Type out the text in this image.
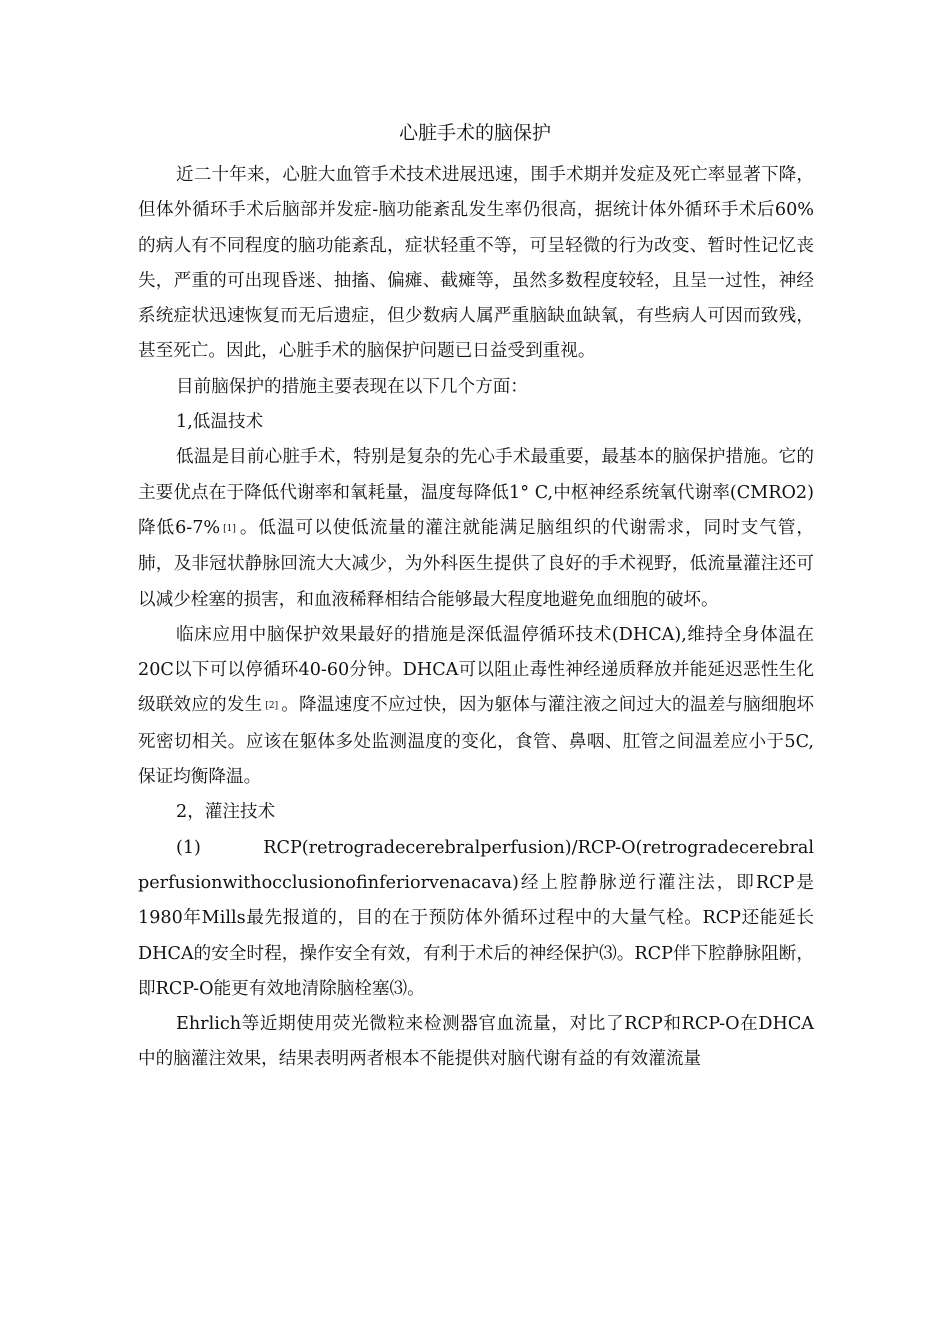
心脏手术的脑保护

近二十年来，心脏大血管手术技术进展迅速，围手术期并发症及死亡率显著下降，但体外循环手术后脑部并发症-脑功能紊乱发生率仍很高，据统计体外循环手术后60%的病人有不同程度的脑功能紊乱，症状轻重不等，可呈轻微的行为改变、暂时性记忆丧失，严重的可出现昏迷、抽搐、偏瘫、截瘫等，虽然多数程度较轻，且呈一过性，神经系统症状迅速恢复而无后遗症，但少数病人属严重脑缺血缺氧，有些病人可因而致残，甚至死亡。因此，心脏手术的脑保护问题已日益受到重视。

目前脑保护的措施主要表现在以下几个方面：

1,低温技术

低温是目前心脏手术，特别是复杂的先心手术最重要，最基本的脑保护措施。它的主要优点在于降低代谢率和氧耗量，温度每降低1° C,中枢神经系统氧代谢率(CMRO2)降低6-7% [1] 。低温可以使低流量的灌注就能满足脑组织的代谢需求，同时支气管，肺，及非冠状静脉回流大大减少，为外科医生提供了良好的手术视野，低流量灌注还可以减少栓塞的损害，和血液稀释相结合能够最大程度地避免血细胞的破坏。

临床应用中脑保护效果最好的措施是深低温停循环技术(DHCA),维持全身体温在20C以下可以停循环40-60分钟。DHCA可以阻止毒性神经递质释放并能延迟恶性生化级联效应的发生 [2] 。降温速度不应过快，因为躯体与灌注液之间过大的温差与脑细胞坏死密切相关。应该在躯体多处监测温度的变化，食管、鼻咽、肛管之间温差应小于5C,保证均衡降温。

2，灌注技术

(1)　RCP(retrogradecerebralperfusion)/RCP-O(retrogradecerebral perfusionwithocclusionofinferiorvenacava)经上腔静脉逆行灌注法，即RCP是1980年Mills最先报道的，目的在于预防体外循环过程中的大量气栓。RCP还能延长DHCA的安全时程，操作安全有效，有利于术后的神经保护⑶。RCP伴下腔静脉阻断，即RCP-O能更有效地清除脑栓塞⑶。

Ehrlich等近期使用荧光微粒来检测器官血流量，对比了RCP和RCP-O在DHCA中的脑灌注效果，结果表明两者根本不能提供对脑代谢有益的有效灌流量
